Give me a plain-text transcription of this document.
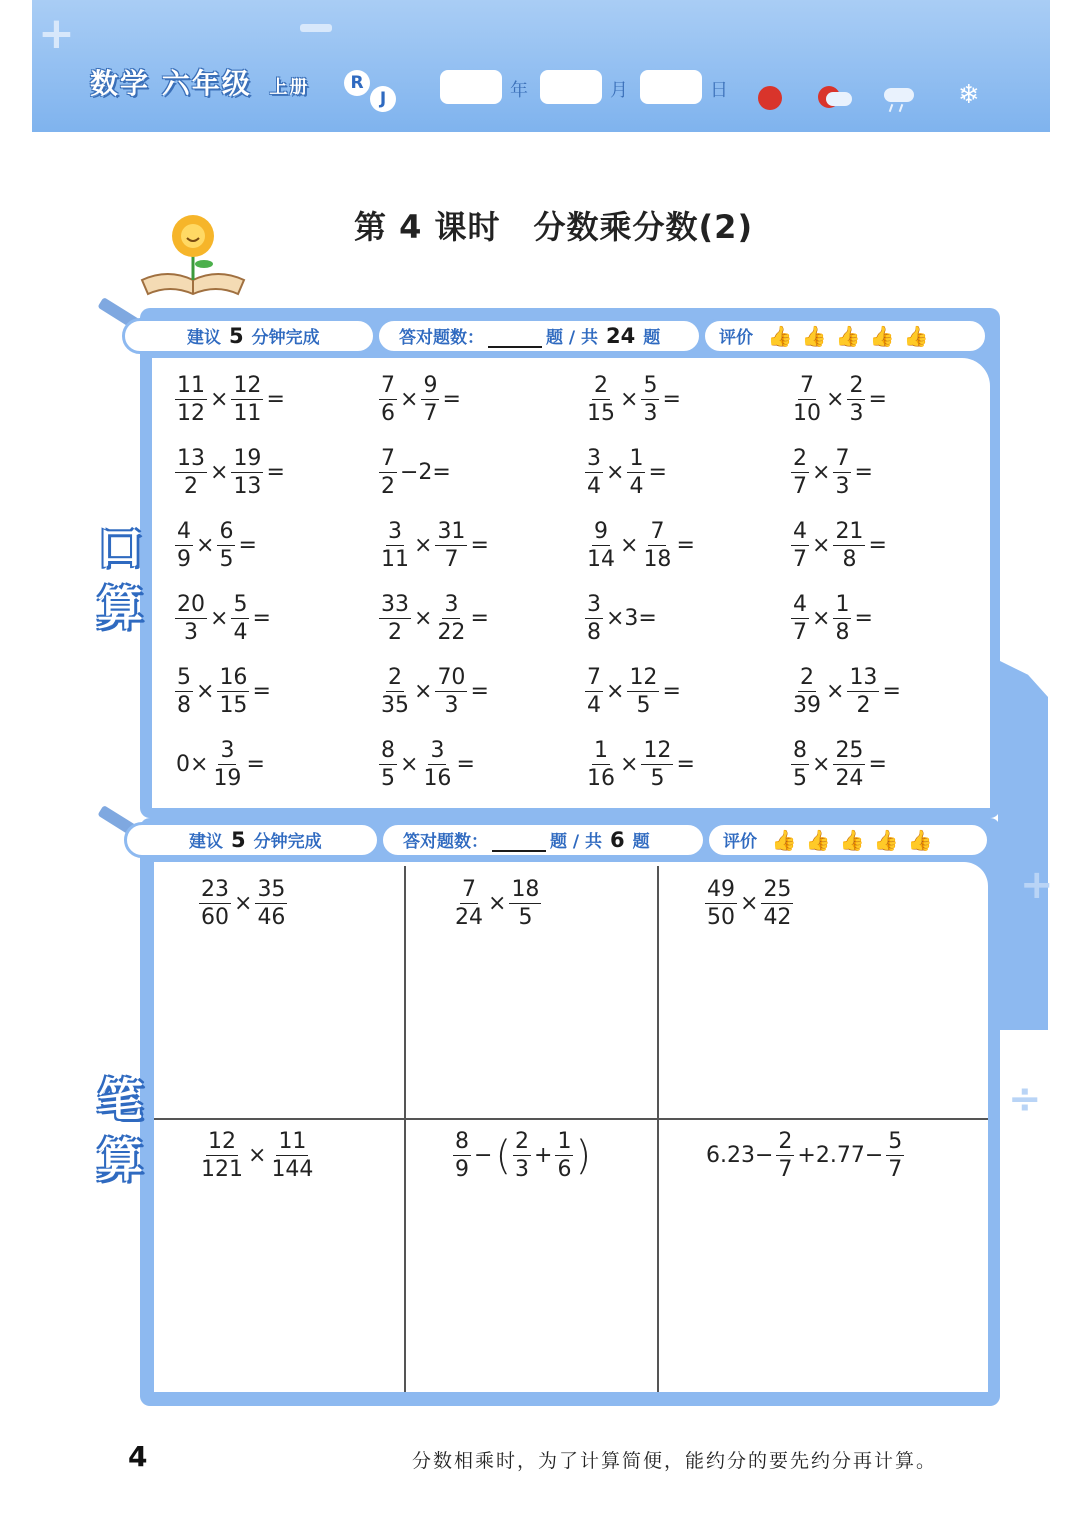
+
数学 六年级 上册	R
J	年	月	日	❄
第 4 课时　分数乘分数(2)
建议 5 分钟完成	答对题数：	题 / 共 24 题	评价 👍 👍 👍 👍 👍
口
算
$\frac{11}{12} \times \frac{12}{11}$ =	$\frac{7}{6} \times \frac{9}{7}$ =	$\frac{2}{15} \times \frac{5}{3}$ =	$\frac{7}{10} \times \frac{2}{3}$ =
$\frac{13}{2} \times \frac{19}{13}$ =	$\frac{7}{2} -2=$	$\frac{3}{4} \times \frac{1}{4}$ =	$\frac{2}{7} \times \frac{7}{3}$ =
$\frac{4}{9} \times \frac{6}{5}$ =	$\frac{3}{11} \times \frac{31}{7}$ =	$\frac{9}{14} \times \frac{7}{18}$ =	$\frac{4}{7} \times \frac{21}{8}$ =
$\frac{20}{3} \times \frac{5}{4}$ =	$\frac{33}{2} \times \frac{3}{22}$ =	$\frac{3}{8} \times 3=$	$\frac{4}{7} \times \frac{1}{8}$ =
$\frac{5}{8} \times \frac{16}{15}$ =	$\frac{2}{35} \times \frac{70}{3}$ =	$\frac{7}{4} \times \frac{12}{5}$ =	$\frac{2}{39} \times \frac{13}{2}$ =
$0\times \frac{3}{19}$ =	$\frac{8}{5} \times \frac{3}{16}$ =	$\frac{1}{16} \times \frac{12}{5}$ =	$\frac{8}{5} \times \frac{25}{24}$ =
建议 5 分钟完成	答对题数：	题 / 共 6 题	评价 👍 👍 👍 👍 👍
笔
算
$\frac{23}{60} \times \frac{35}{46}$	$\frac{7}{24} \times \frac{18}{5}$	$\frac{49}{50} \times \frac{25}{42}$
$\frac{12}{121} \times \frac{11}{144}$	$\frac{8}{9}$ − ( $\frac{2}{3} + \frac{1}{6}$ )	$6.23- \frac{2}{7} +2.77- \frac{5}{7}$
+
÷
4	分数相乘时，为了计算简便，能约分的要先约分再计算。
